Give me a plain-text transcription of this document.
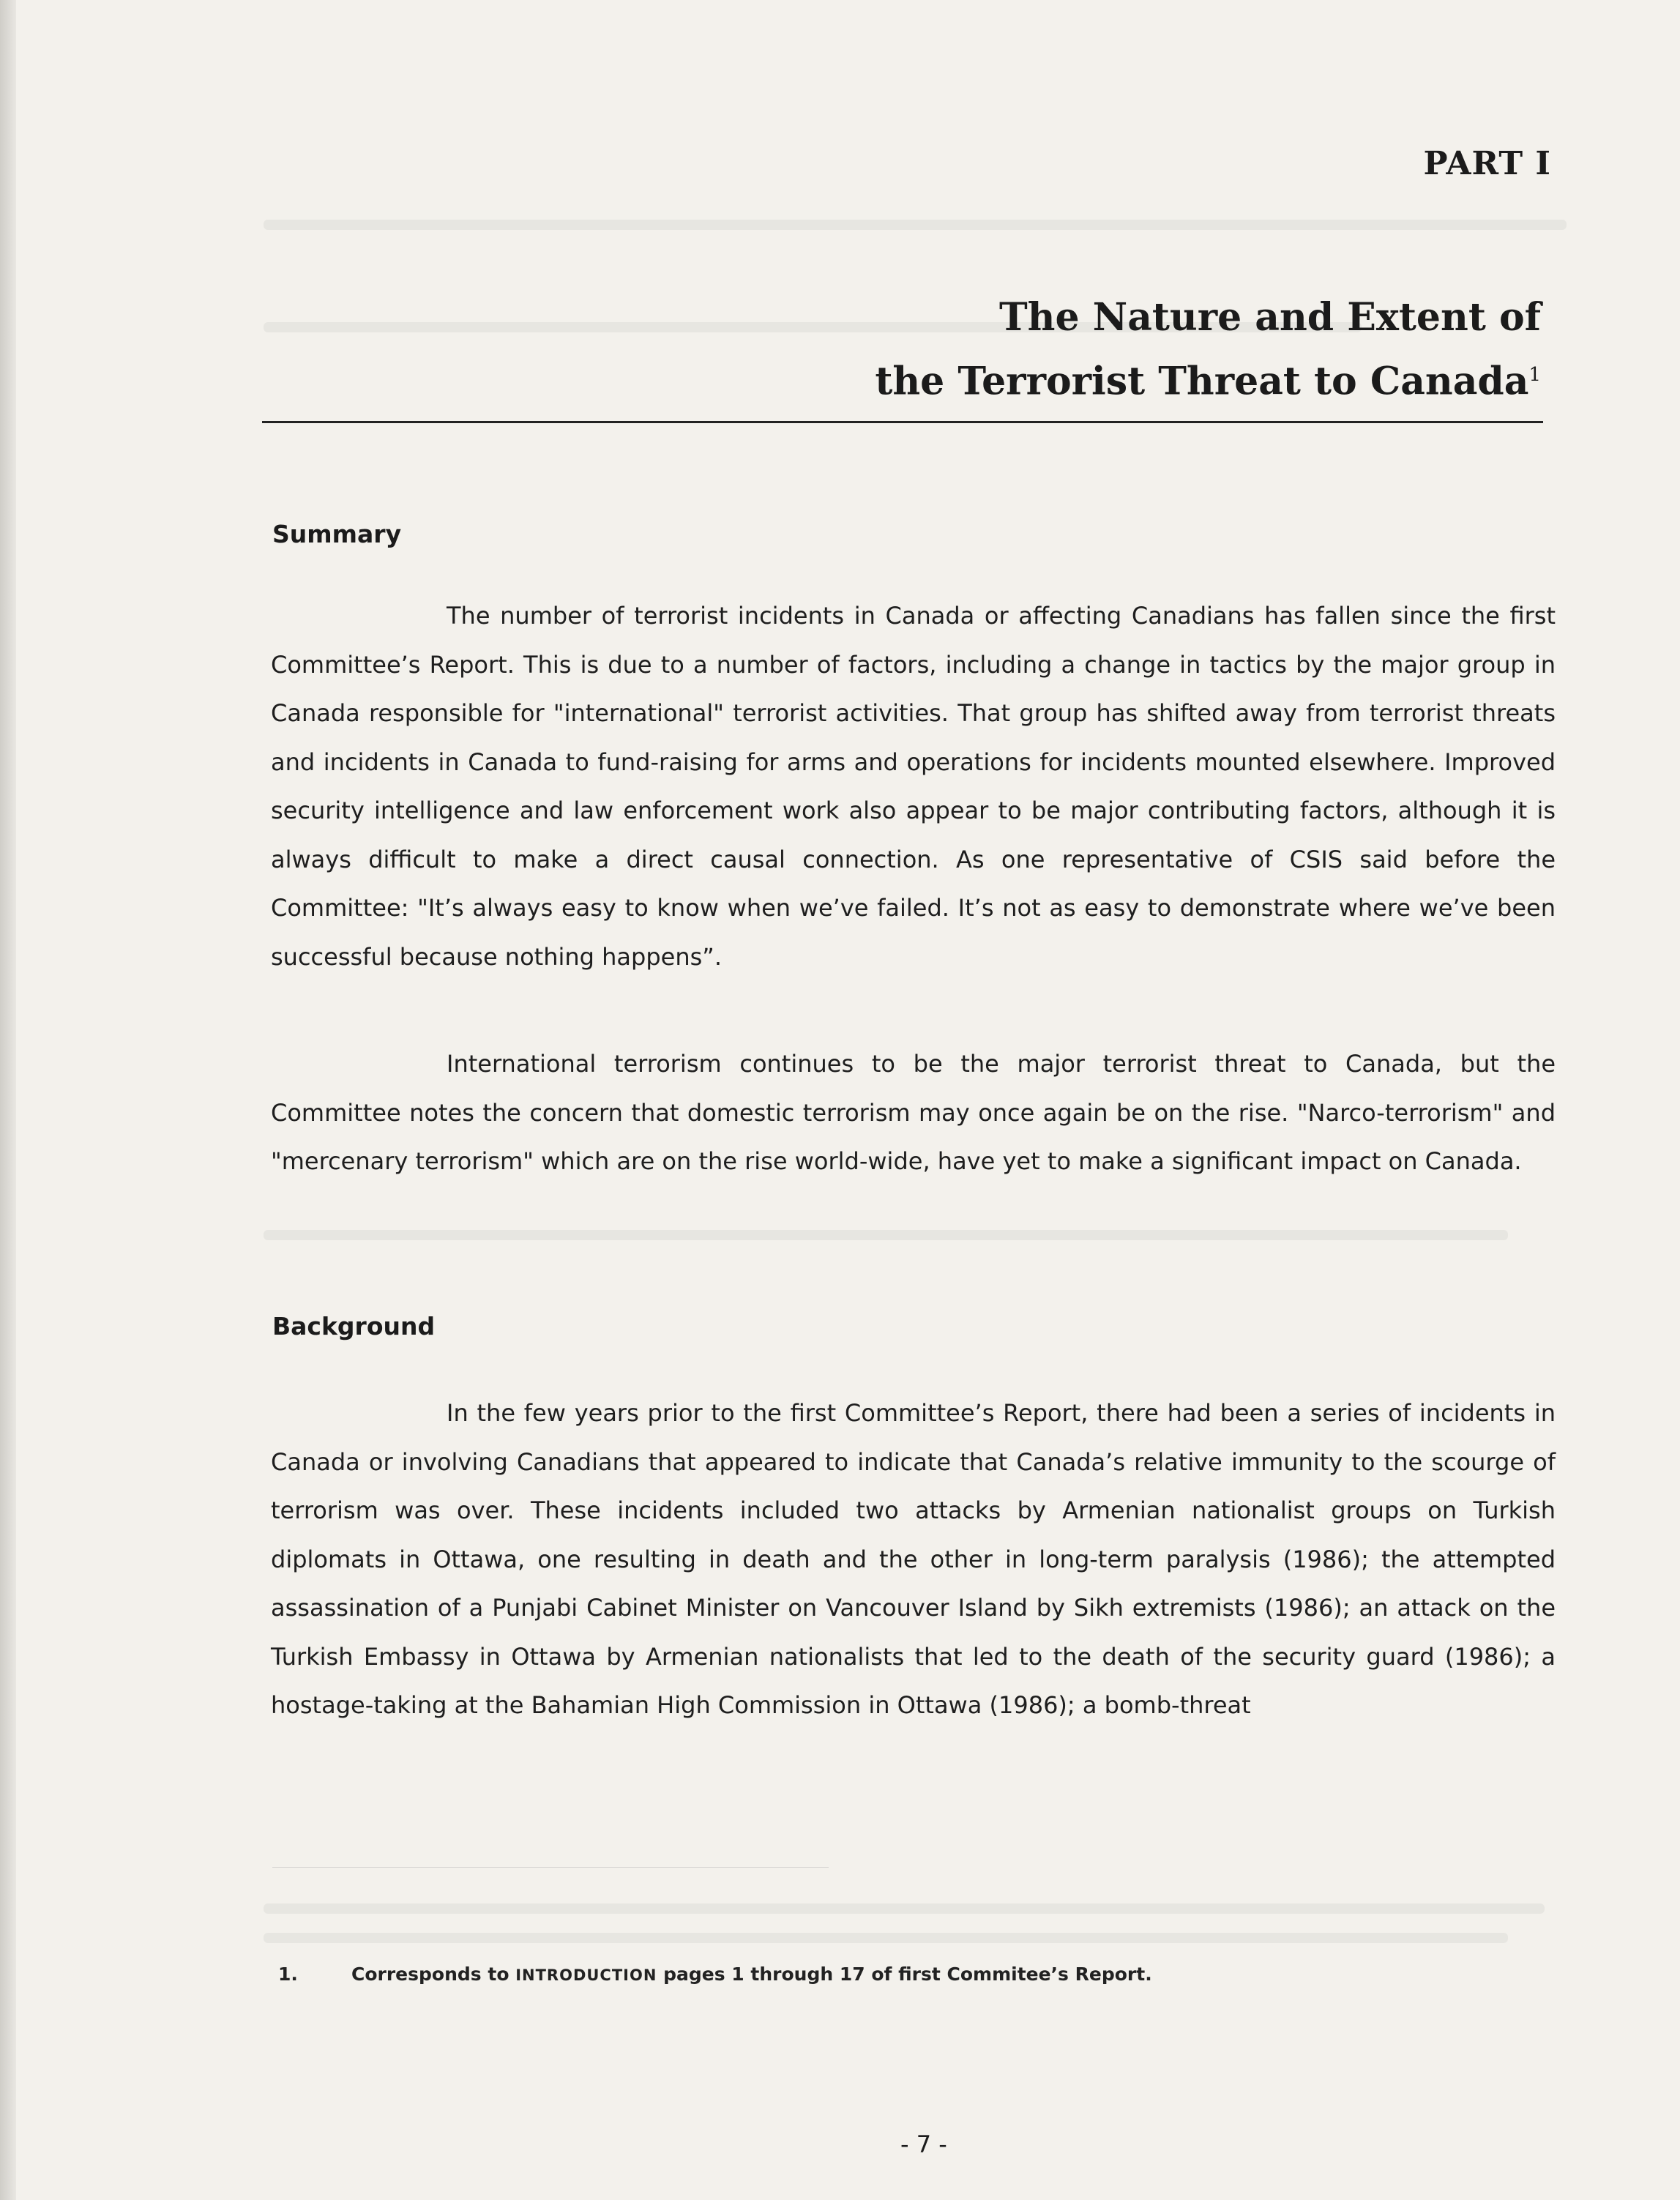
PART I
The Nature and Extent of
the Terrorist Threat to Canada$^1$
Summary

The number of terrorist incidents in Canada or affecting Canadians has fallen since the first Committee’s Report. This is due to a number of factors, including a change in tactics by the major group in Canada responsible for "international" terrorist activities. That group has shifted away from terrorist threats and incidents in Canada to fund-raising for arms and operations for incidents mounted elsewhere. Improved security intelligence and law enforcement work also appear to be major contributing factors, although it is always difficult to make a direct causal connection. As one representative of CSIS said before the Committee: "It’s always easy to know when we’ve failed. It’s not as easy to demonstrate where we’ve been successful because nothing happens”.

International terrorism continues to be the major terrorist threat to Canada, but the Committee notes the concern that domestic terrorism may once again be on the rise. "Narco-terrorism" and "mercenary terrorism" which are on the rise world-wide, have yet to make a significant impact on Canada.

Background

In the few years prior to the first Committee’s Report, there had been a series of incidents in Canada or involving Canadians that appeared to indicate that Canada’s relative immunity to the scourge of terrorism was over. These incidents included two attacks by Armenian nationalist groups on Turkish diplomats in Ottawa, one resulting in death and the other in long-term paralysis (1986); the attempted assassination of a Punjabi Cabinet Minister on Vancouver Island by Sikh extremists (1986); an attack on the Turkish Embassy in Ottawa by Armenian nationalists that led to the death of the security guard (1986); a hostage-taking at the Bahamian High Commission in Ottawa (1986); a bomb-threat

1.	Corresponds to INTRODUCTION pages 1 through 17 of first Commitee’s Report.

- 7 -
